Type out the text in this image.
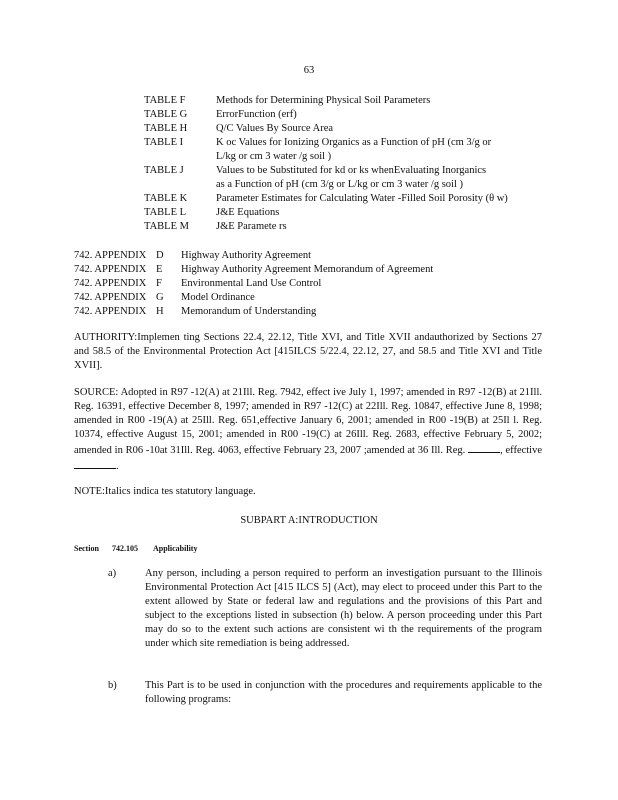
63
TABLE F	Methods for Determining Physical Soil Parameters
TABLE G	ErrorFunction (erf)
TABLE H	Q/C Values By Source Area
TABLE I	K oc Values for Ionizing Organics as a Function of pH (cm 3/g or
L/kg or cm 3 water /g soil )
TABLE J	Values to be Substituted for kd or ks whenEvaluating Inorganics
as a Function of pH (cm 3/g or L/kg or cm 3 water /g soil )
TABLE K	Parameter Estimates for Calculating Water -Filled Soil Porosity (θ w)
TABLE L	J&E Equations
TABLE M	J&E Paramete rs
742. APPENDIX D	Highway Authority Agreement
742. APPENDIX E	Highway Authority Agreement Memorandum of Agreement
742. APPENDIX F	Environmental Land Use Control
742. APPENDIX G	Model Ordinance
742. APPENDIX H	Memorandum of Understanding
AUTHORITY:Implemen ting Sections 22.4, 22.12, Title XVI, and Title XVII andauthorized by Sections 27 and 58.5 of the Environmental Protection Act [415ILCS 5/22.4, 22.12, 27, and 58.5 and Title XVI and Title XVII].
SOURCE: Adopted in R97 -12(A) at 21Ill. Reg. 7942, effect ive July 1, 1997; amended in R97 -12(B) at 21Ill. Reg. 16391, effective December 8, 1997; amended in R97 -12(C) at 22Ill. Reg. 10847, effective June 8, 1998; amended in R00 -19(A) at 25Ill. Reg. 651,effective January 6, 2001; amended in R00 -19(B) at 25Il l. Reg. 10374, effective August 15, 2001; amended in R00 -19(C) at 26Ill. Reg. 2683, effective February 5, 2002; amended in R06 -10at 31Ill. Reg. 4063, effective February 23, 2007 ;amended at 36 Ill. Reg.	, effective .
NOTE:Italics indica tes statutory language.
SUBPART A:INTRODUCTION
Section 742.105 Applicability
a)	Any person, including a person required to perform an investigation pursuant to the Illinois Environmental Protection Act [415 ILCS 5] (Act), may elect to proceed under this Part to the extent allowed by State or federal law and regulations and the provisions of this Part and subject to the exceptions listed in subsection (h) below. A person proceeding under this Part may do so to the extent such actions are consistent wi th the requirements of the program under which site remediation is being addressed.
b)	This Part is to be used in conjunction with the procedures and requirements applicable to the following programs:
